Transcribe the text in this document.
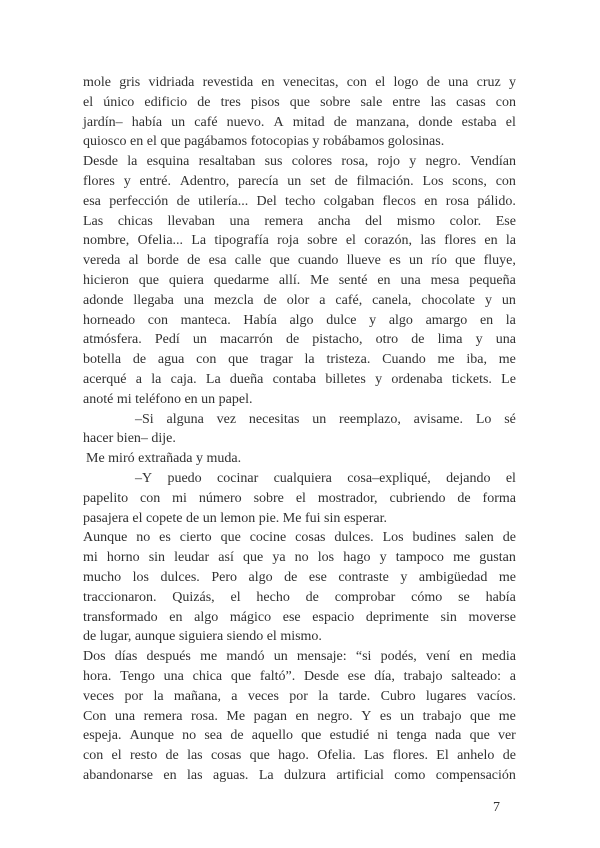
mole gris vidriada revestida en venecitas, con el logo de una cruz y
el único edificio de tres pisos que sobre sale entre las casas con
jardín– había un café nuevo. A mitad de manzana, donde estaba el
quiosco en el que pagábamos fotocopias y robábamos golosinas.
Desde la esquina resaltaban sus colores rosa, rojo y negro. Vendían
flores y entré. Adentro, parecía un set de filmación. Los scons, con
esa perfección de utilería... Del techo colgaban flecos en rosa pálido.
Las chicas llevaban una remera ancha del mismo color. Ese
nombre, Ofelia... La tipografía roja sobre el corazón, las flores en la
vereda al borde de esa calle que cuando llueve es un río que fluye,
hicieron que quiera quedarme allí. Me senté en una mesa pequeña
adonde llegaba una mezcla de olor a café, canela, chocolate y un
horneado con manteca. Había algo dulce y algo amargo en la
atmósfera. Pedí un macarrón de pistacho, otro de lima y una
botella de agua con que tragar la tristeza. Cuando me iba, me
acerqué a la caja. La dueña contaba billetes y ordenaba tickets. Le
anoté mi teléfono en un papel.
–Si alguna vez necesitas un reemplazo, avisame. Lo sé
hacer bien– dije.
Me miró extrañada y muda.
–Y puedo cocinar cualquiera cosa–expliqué, dejando el
papelito con mi número sobre el mostrador, cubriendo de forma
pasajera el copete de un lemon pie. Me fui sin esperar.
Aunque no es cierto que cocine cosas dulces. Los budines salen de
mi horno sin leudar así que ya no los hago y tampoco me gustan
mucho los dulces. Pero algo de ese contraste y ambigüedad me
traccionaron. Quizás, el hecho de comprobar cómo se había
transformado en algo mágico ese espacio deprimente sin moverse
de lugar, aunque siguiera siendo el mismo.
Dos días después me mandó un mensaje: “si podés, vení en media
hora. Tengo una chica que faltó”. Desde ese día, trabajo salteado: a
veces por la mañana, a veces por la tarde. Cubro lugares vacíos.
Con una remera rosa. Me pagan en negro. Y es un trabajo que me
espeja. Aunque no sea de aquello que estudié ni tenga nada que ver
con el resto de las cosas que hago. Ofelia. Las flores. El anhelo de
abandonarse en las aguas. La dulzura artificial como compensación
7
